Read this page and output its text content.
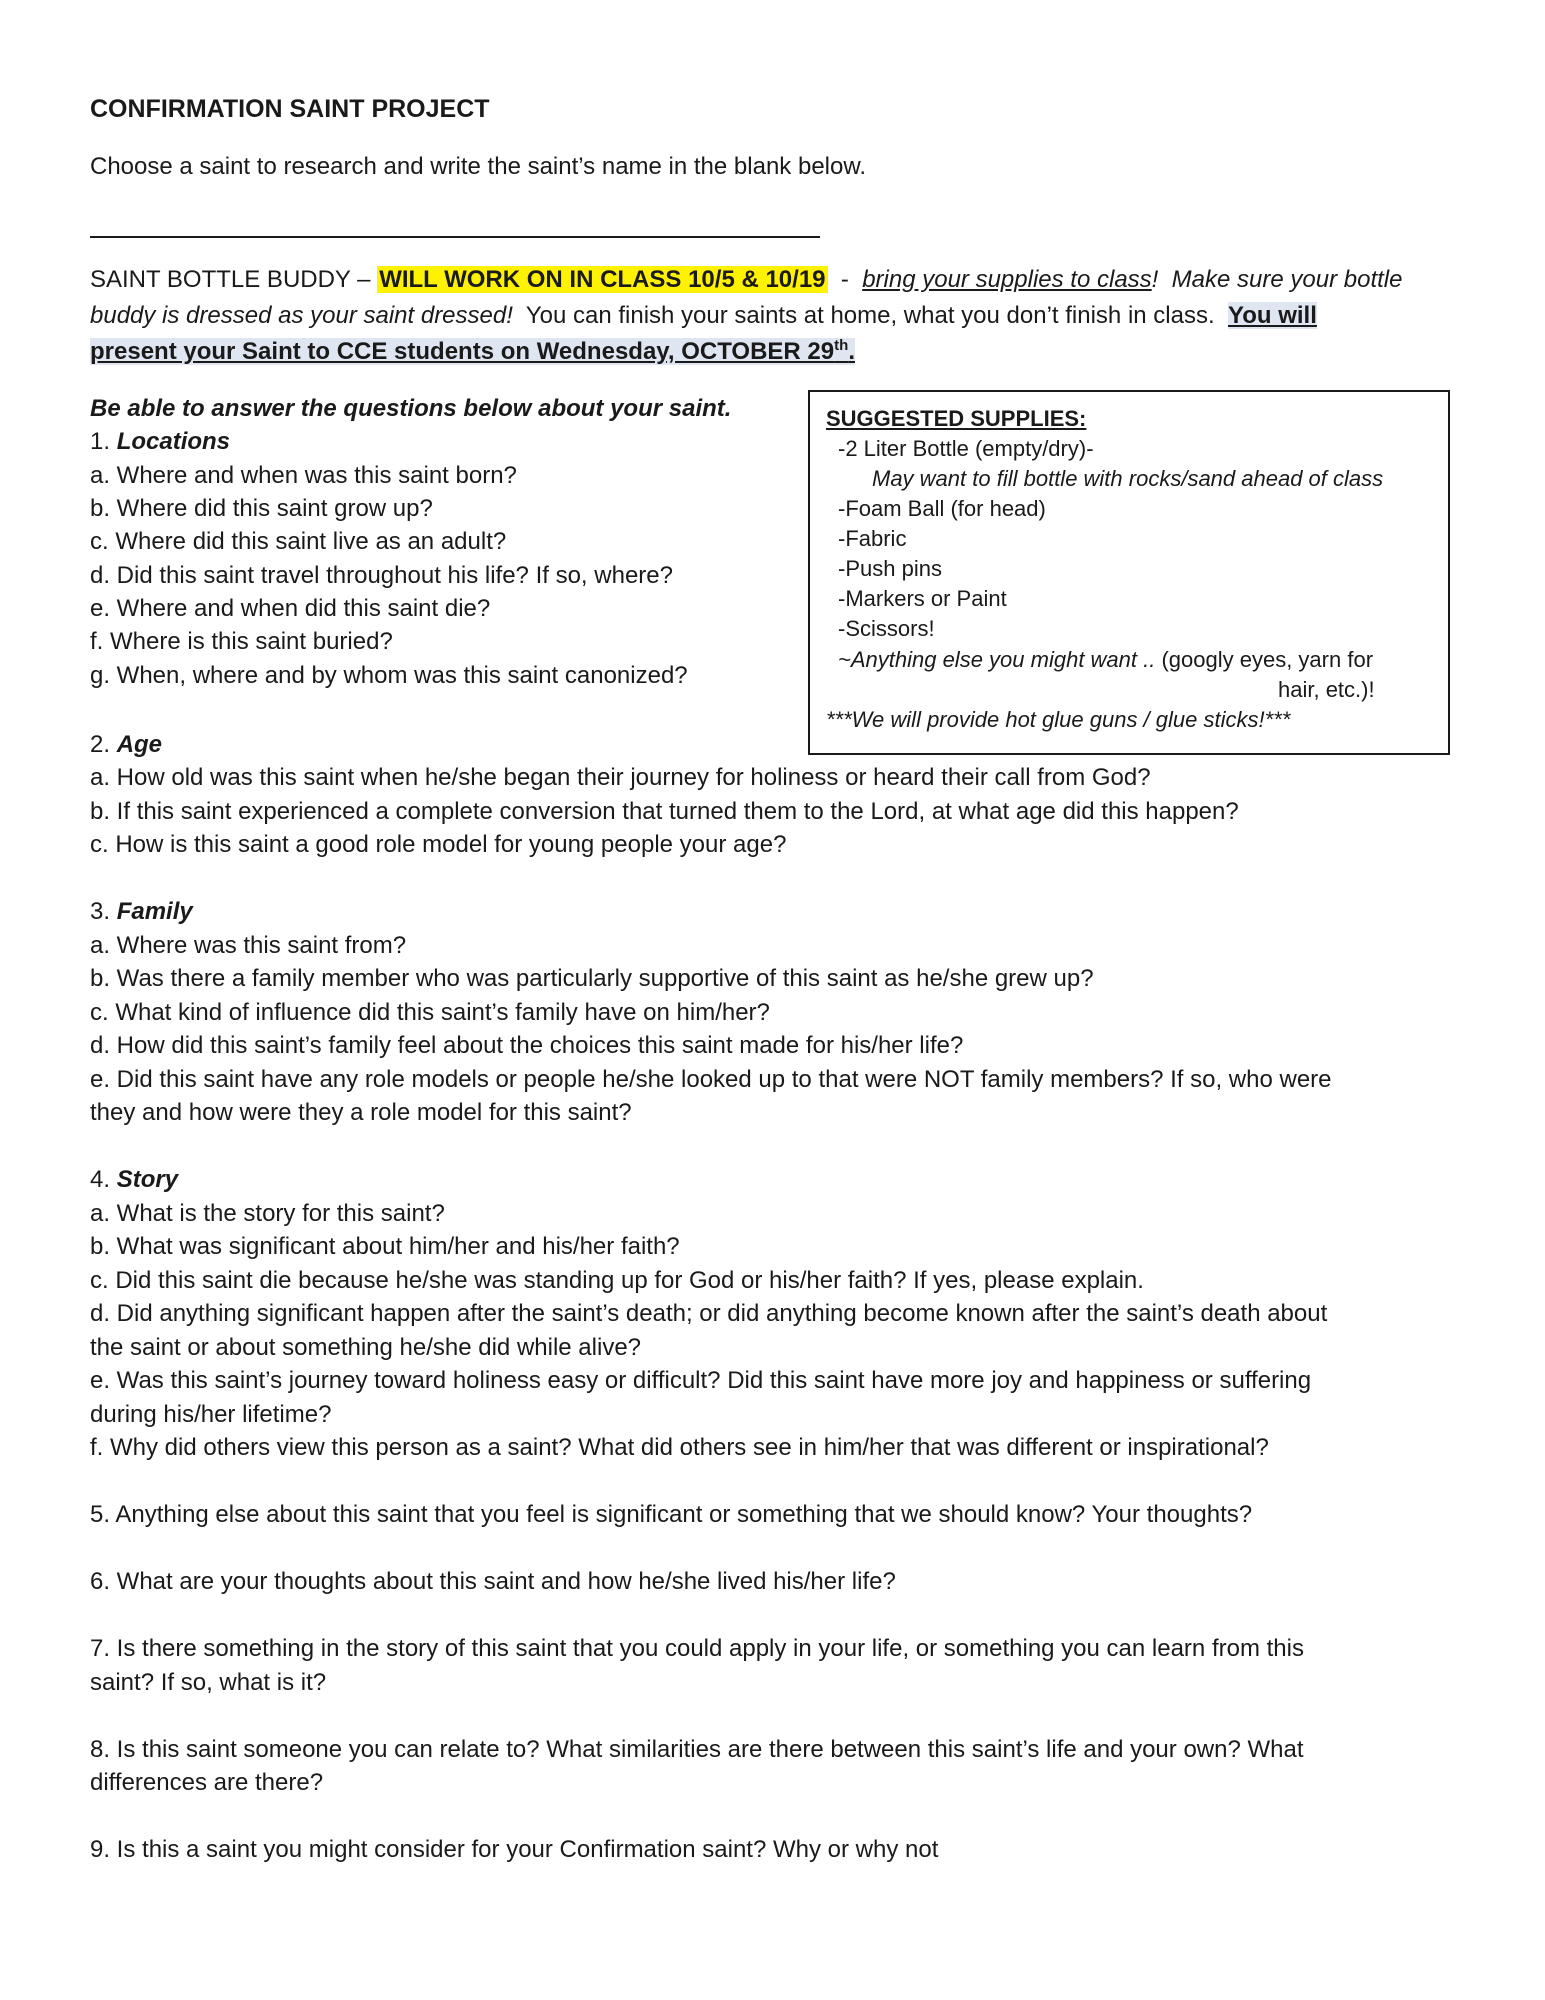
CONFIRMATION SAINT PROJECT
Choose a saint to research and write the saint’s name in the blank below.
SAINT BOTTLE BUDDY – WILL WORK ON IN CLASS 10/5 & 10/19  -  bring your supplies to class!  Make sure your bottle
buddy is dressed as your saint dressed!  You can finish your saints at home, what you don’t finish in class.  You will
present your Saint to CCE students on Wednesday, OCTOBER 29th.
Be able to answer the questions below about your saint.
1. Locations
a. Where and when was this saint born?
b. Where did this saint grow up?
c. Where did this saint live as an adult?
d. Did this saint travel throughout his life? If so, where?
e. Where and when did this saint die?
f. Where is this saint buried?
g. When, where and by whom was this saint canonized?
SUGGESTED SUPPLIES:
-2 Liter Bottle (empty/dry)-
May want to fill bottle with rocks/sand ahead of class
-Foam Ball (for head)
-Fabric
-Push pins
-Markers or Paint
-Scissors!
~Anything else you might want .. (googly eyes, yarn for
hair, etc.)!
***We will provide hot glue guns / glue sticks!***
2. Age
a. How old was this saint when he/she began their journey for holiness or heard their call from God?
b. If this saint experienced a complete conversion that turned them to the Lord, at what age did this happen?
c. How is this saint a good role model for young people your age?
3. Family
a. Where was this saint from?
b. Was there a family member who was particularly supportive of this saint as he/she grew up?
c. What kind of influence did this saint’s family have on him/her?
d. How did this saint’s family feel about the choices this saint made for his/her life?
e. Did this saint have any role models or people he/she looked up to that were NOT family members? If so, who were
they and how were they a role model for this saint?
4. Story
a. What is the story for this saint?
b. What was significant about him/her and his/her faith?
c. Did this saint die because he/she was standing up for God or his/her faith? If yes, please explain.
d. Did anything significant happen after the saint’s death; or did anything become known after the saint’s death about
the saint or about something he/she did while alive?
e. Was this saint’s journey toward holiness easy or difficult? Did this saint have more joy and happiness or suffering
during his/her lifetime?
f. Why did others view this person as a saint? What did others see in him/her that was different or inspirational?
5. Anything else about this saint that you feel is significant or something that we should know? Your thoughts?
6. What are your thoughts about this saint and how he/she lived his/her life?
7. Is there something in the story of this saint that you could apply in your life, or something you can learn from this
saint? If so, what is it?
8. Is this saint someone you can relate to? What similarities are there between this saint’s life and your own? What
differences are there?
9. Is this a saint you might consider for your Confirmation saint? Why or why not
